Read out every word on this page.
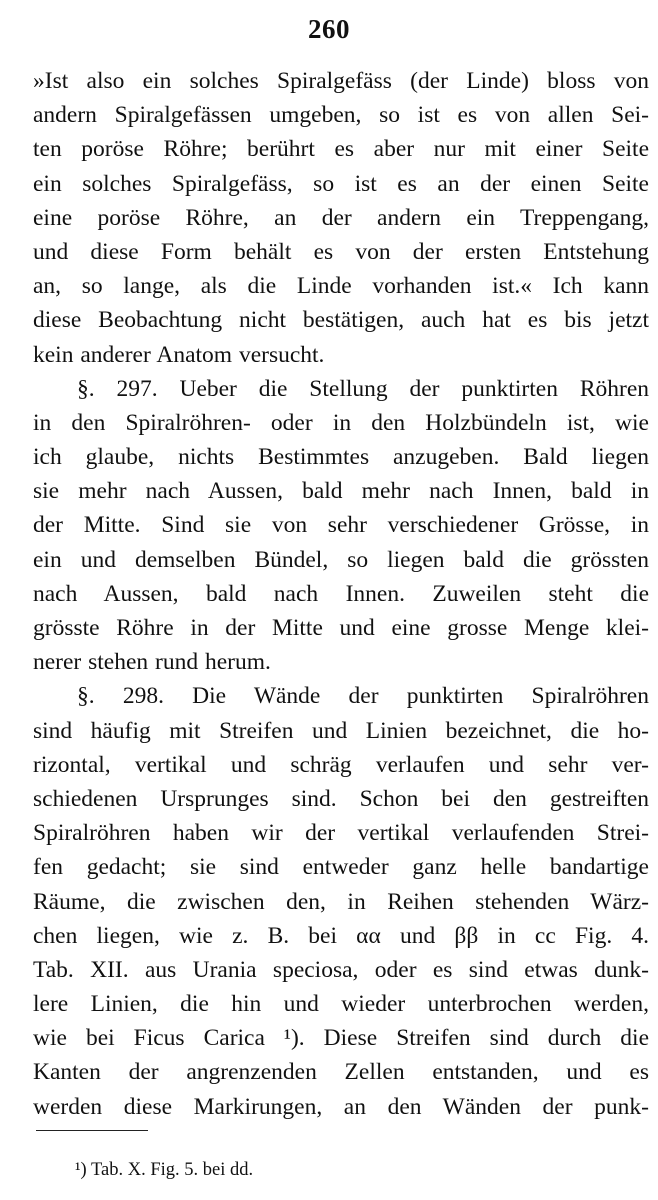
260
»Ist also ein solches Spiralgefäss (der Linde) bloss von
andern Spiralgefässen umgeben, so ist es von allen Sei-
ten poröse Röhre; berührt es aber nur mit einer Seite
ein solches Spiralgefäss, so ist es an der einen Seite
eine poröse Röhre, an der andern ein Treppengang,
und diese Form behält es von der ersten Entstehung
an, so lange, als die Linde vorhanden ist.« Ich kann
diese Beobachtung nicht bestätigen, auch hat es bis jetzt
kein anderer Anatom versucht.
§. 297. Ueber die Stellung der punktirten Röhren
in den Spiralröhren- oder in den Holzbündeln ist, wie
ich glaube, nichts Bestimmtes anzugeben. Bald liegen
sie mehr nach Aussen, bald mehr nach Innen, bald in
der Mitte. Sind sie von sehr verschiedener Grösse, in
ein und demselben Bündel, so liegen bald die grössten
nach Aussen, bald nach Innen. Zuweilen steht die
grösste Röhre in der Mitte und eine grosse Menge klei-
nerer stehen rund herum.
§. 298. Die Wände der punktirten Spiralröhren
sind häufig mit Streifen und Linien bezeichnet, die ho-
rizontal, vertikal und schräg verlaufen und sehr ver-
schiedenen Ursprunges sind. Schon bei den gestreiften
Spiralröhren haben wir der vertikal verlaufenden Strei-
fen gedacht; sie sind entweder ganz helle bandartige
Räume, die zwischen den, in Reihen stehenden Wärz-
chen liegen, wie z. B. bei αα und ββ in cc Fig. 4.
Tab. XII. aus Urania speciosa, oder es sind etwas dunk-
lere Linien, die hin und wieder unterbrochen werden,
wie bei Ficus Carica ¹). Diese Streifen sind durch die
Kanten der angrenzenden Zellen entstanden, und es
werden diese Markirungen, an den Wänden der punk-
¹) Tab. X. Fig. 5. bei dd.
